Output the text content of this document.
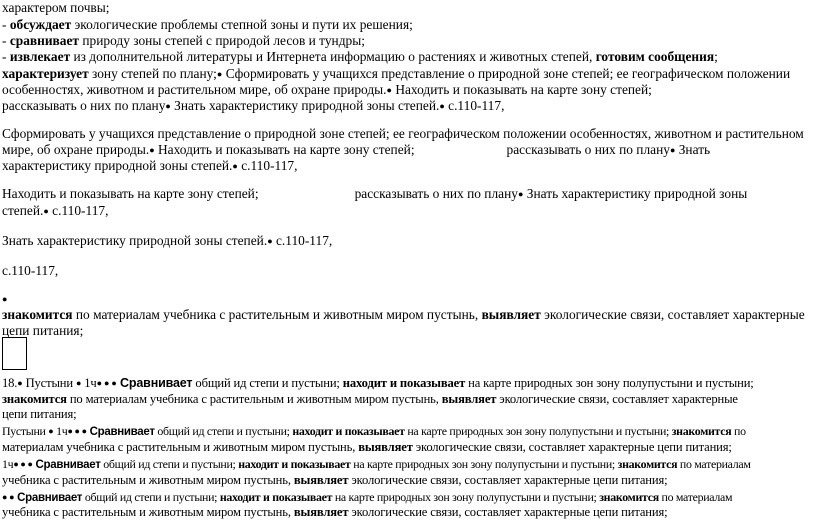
характером почвы;
- обсуждает экологические проблемы степной зоны и пути их решения;
- сравнивает природу зоны степей с природой лесов и тундры;
- извлекает из дополнительной литературы и Интернета информацию о растениях и животных степей, готовим сообщения;
характеризует зону степей по плану;● Сформировать у учащихся представление о природной зоне степей; ее географическом положении
особенностях, животном и растительном мире, об охране природы.● Находить и показывать на карте зону степей;
рассказывать о них по плану● Знать характеристику природной зоны степей.● с.110-117,
Сформировать у учащихся представление о природной зоне степей; ее географическом положении особенностях, животном и растительном
мире, об охране природы.● Находить и показывать на карте зону степей;	рассказывать о них по плану● Знать
характеристику природной зоны степей.● с.110-117,
Находить и показывать на карте зону степей;	рассказывать о них по плану● Знать характеристику природной зоны
степей.● с.110-117,
Знать характеристику природной зоны степей.● с.110-117,
с.110-117,
●
знакомится по материалам учебника с растительным и животным миром пустынь, выявляет экологические связи, составляет характерные
цепи питания;
18.● Пустыни ● 1ч● ● ● Сравнивает общий ид степи и пустыни; находит и показывает на карте природных зон зону полупустыни и пустыни;
знакомится по материалам учебника с растительным и животным миром пустынь, выявляет экологические связи, составляет характерные
цепи питания;
Пустыни ● 1ч● ● ● Сравнивает общий ид степи и пустыни; находит и показывает на карте природных зон зону полупустыни и пустыни; знакомится по
материалам учебника с растительным и животным миром пустынь, выявляет экологические связи, составляет характерные цепи питания;
1ч● ● ● Сравнивает общий ид степи и пустыни; находит и показывает на карте природных зон зону полупустыни и пустыни; знакомится по материалам
учебника с растительным и животным миром пустынь, выявляет экологические связи, составляет характерные цепи питания;
● ● Сравнивает общий ид степи и пустыни; находит и показывает на карте природных зон зону полупустыни и пустыни; знакомится по материалам
учебника с растительным и животным миром пустынь, выявляет экологические связи, составляет характерные цепи питания;
